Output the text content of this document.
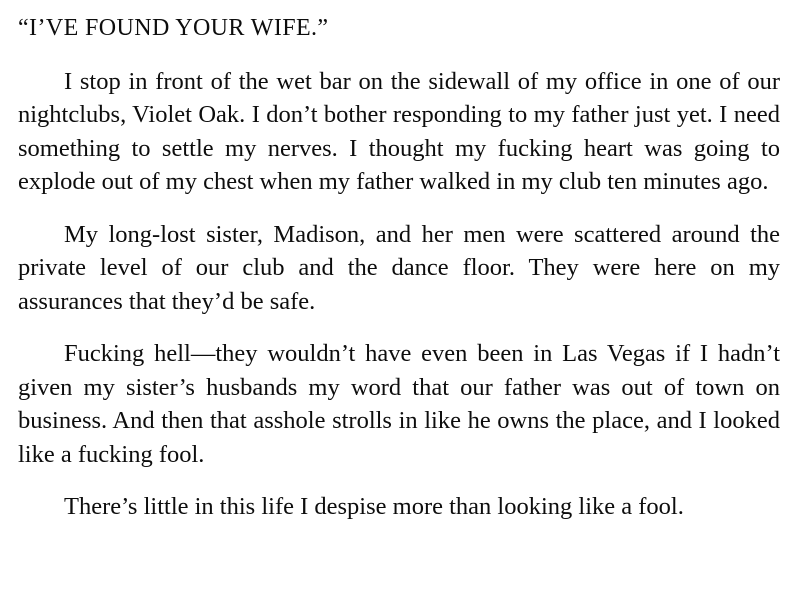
“I’VE FOUND YOUR WIFE.”

I stop in front of the wet bar on the sidewall of my office in one of our nightclubs, Violet Oak. I don’t bother responding to my father just yet. I need something to settle my nerves. I thought my fucking heart was going to explode out of my chest when my father walked in my club ten minutes ago.

My long-lost sister, Madison, and her men were scattered around the private level of our club and the dance floor. They were here on my assurances that they’d be safe.

Fucking hell—they wouldn’t have even been in Las Vegas if I hadn’t given my sister’s husbands my word that our father was out of town on business. And then that asshole strolls in like he owns the place, and I looked like a fucking fool.

There’s little in this life I despise more than looking like a fool.
